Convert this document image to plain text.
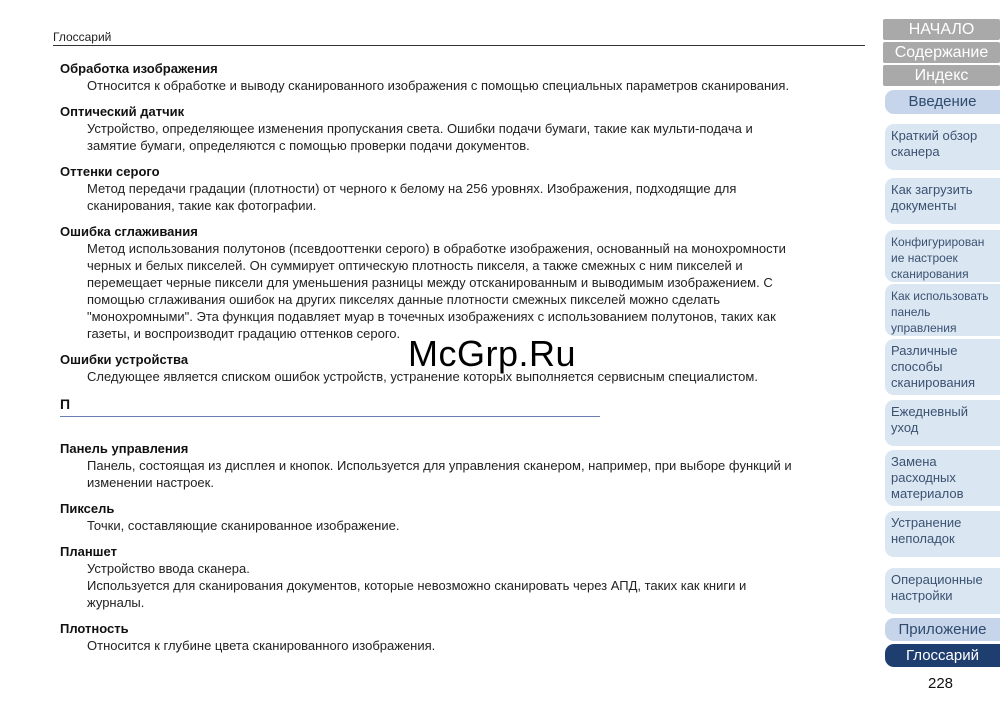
Глоссарий
Обработка изображения
Относится к обработке и выводу сканированного изображения с помощью специальных параметров сканирования.
Оптический датчик
Устройство, определяющее изменения пропускания света. Ошибки подачи бумаги, такие как мульти-подача и
замятие бумаги, определяются с помощью проверки подачи документов.
Оттенки серого
Метод передачи градации (плотности) от черного к белому на 256 уровнях. Изображения, подходящие для
сканирования, такие как фотографии.
Ошибка сглаживания
Метод использования полутонов (псевдооттенки серого) в обработке изображения, основанный на монохромности
черных и белых пикселей. Он суммирует оптическую плотность пикселя, а также смежных с ним пикселей и
перемещает черные пиксели для уменьшения разницы между отсканированным и выводимым изображением. С
помощью сглаживания ошибок на других пикселях данные плотности смежных пикселей можно сделать
"монохромными". Эта функция подавляет муар в точечных изображениях с использованием полутонов, таких как
газеты, и воспроизводит градацию оттенков серого.
Ошибки устройства
Следующее является списком ошибок устройств, устранение которых выполняется сервисным специалистом.
П
Панель управления
Панель, состоящая из дисплея и кнопок. Используется для управления сканером, например, при выборе функций и
изменении настроек.
Пиксель
Точки, составляющие сканированное изображение.
Планшет
Устройство ввода сканера.
Используется для сканирования документов, которые невозможно сканировать через АПД, таких как книги и
журналы.
Плотность
Относится к глубине цвета сканированного изображения.
McGrp.Ru
НАЧАЛО
Содержание
Индекс
Введение
Краткий обзор
сканера
Как загрузить
документы
Конфигурирован
ие настроек
сканирования
Как использовать
панель
управления
Различные
способы
сканирования
Ежедневный
уход
Замена
расходных
материалов
Устранение
неполадок
Операционные
настройки
Приложение
Глоссарий
228
